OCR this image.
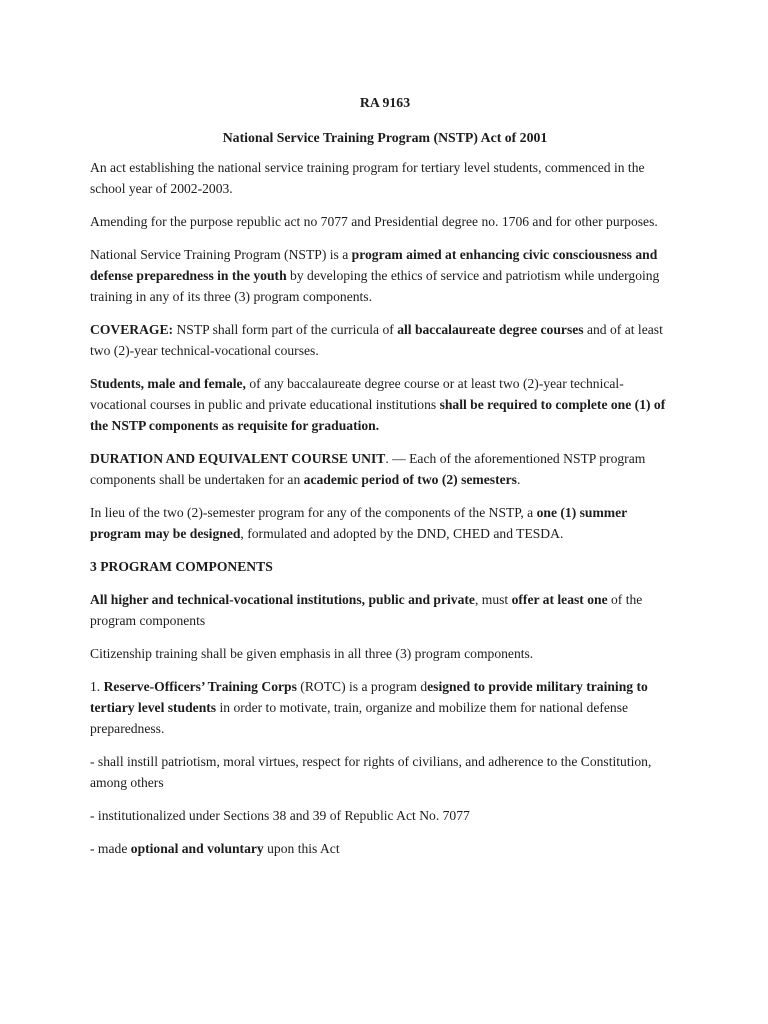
RA 9163
National Service Training Program (NSTP) Act of 2001

An act establishing the national service training program for tertiary level students, commenced in the school year of 2002-2003.

Amending for the purpose republic act no 7077 and Presidential degree no. 1706 and for other purposes.

National Service Training Program (NSTP) is a program aimed at enhancing civic consciousness and defense preparedness in the youth by developing the ethics of service and patriotism while undergoing training in any of its three (3) program components.

COVERAGE: NSTP shall form part of the curricula of all baccalaureate degree courses and of at least two (2)-year technical-vocational courses.

Students, male and female, of any baccalaureate degree course or at least two (2)-year technical-vocational courses in public and private educational institutions shall be required to complete one (1) of the NSTP components as requisite for graduation.

DURATION AND EQUIVALENT COURSE UNIT. — Each of the aforementioned NSTP program components shall be undertaken for an academic period of two (2) semesters.

In lieu of the two (2)-semester program for any of the components of the NSTP, a one (1) summer program may be designed, formulated and adopted by the DND, CHED and TESDA.

3 PROGRAM COMPONENTS

All higher and technical-vocational institutions, public and private, must offer at least one of the program components

Citizenship training shall be given emphasis in all three (3) program components.

1. Reserve-Officers’ Training Corps (ROTC) is a program designed to provide military training to tertiary level students in order to motivate, train, organize and mobilize them for national defense preparedness.

- shall instill patriotism, moral virtues, respect for rights of civilians, and adherence to the Constitution, among others

- institutionalized under Sections 38 and 39 of Republic Act No. 7077

- made optional and voluntary upon this Act
